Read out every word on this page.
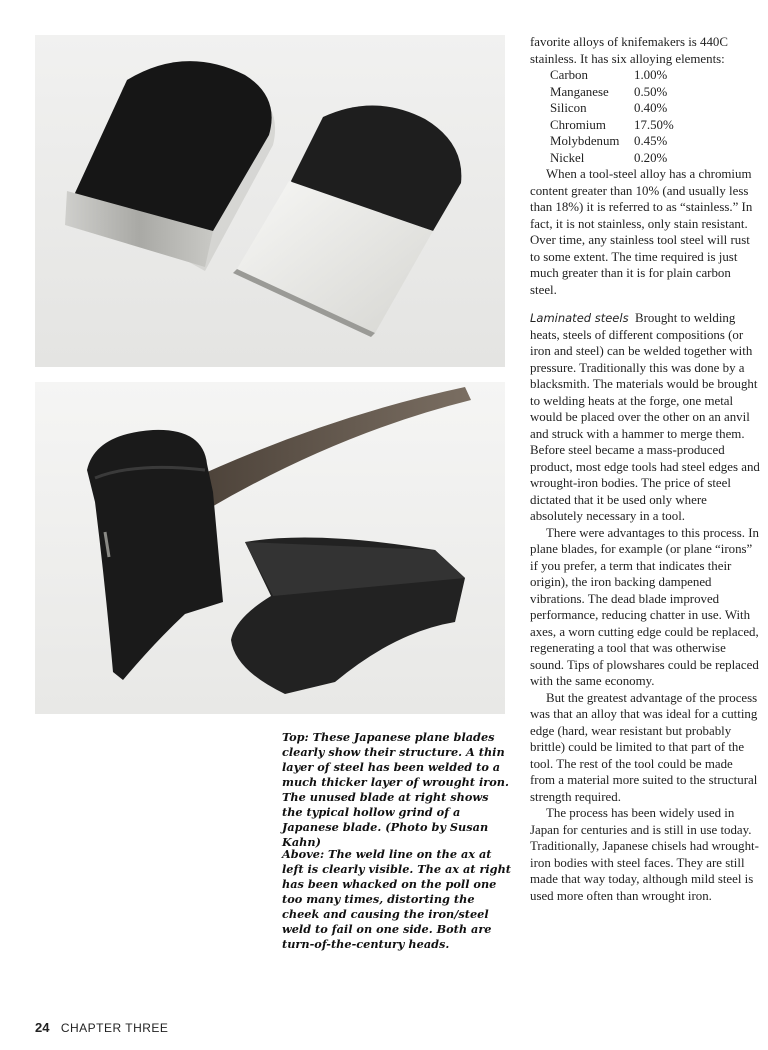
Top: These Japanese plane blades clearly show their structure. A thin layer of steel has been welded to a much thicker layer of wrought iron. The unused blade at right shows the typical hollow grind of a Japanese blade. (Photo by Susan Kahn)
Above: The weld line on the ax at left is clearly visible. The ax at right has been whacked on the poll one too many times, distorting the cheek and causing the iron/steel weld to fail on one side. Both are turn-of-the-century heads.

favorite alloys of knifemakers is 440C stainless. It has six alloying elements:

Carbon	1.00%
Manganese	0.50%
Silicon	0.40%
Chromium	17.50%
Molybdenum	0.45%
Nickel	0.20%

When a tool-steel alloy has a chromium content greater than 10% (and usually less than 18%) it is referred to as “stainless.” In fact, it is not stainless, only stain resistant. Over time, any stainless tool steel will rust to some extent. The time required is just much greater than it is for plain carbon steel.

Laminated steels Brought to welding heats, steels of different compositions (or iron and steel) can be welded together with pressure. Traditionally this was done by a blacksmith. The materials would be brought to welding heats at the forge, one metal would be placed over the other on an anvil and struck with a hammer to merge them. Before steel became a mass-produced product, most edge tools had steel edges and wrought-iron bodies. The price of steel dictated that it be used only where absolutely necessary in a tool.

There were advantages to this process. In plane blades, for example (or plane “irons” if you prefer, a term that indicates their origin), the iron backing dampened vibrations. The dead blade improved performance, reducing chatter in use. With axes, a worn cutting edge could be replaced, regenerating a tool that was otherwise sound. Tips of plowshares could be replaced with the same economy.

But the greatest advantage of the process was that an alloy that was ideal for a cutting edge (hard, wear resistant but probably brittle) could be limited to that part of the tool. The rest of the tool could be made from a material more suited to the structural strength required.

The process has been widely used in Japan for centuries and is still in use today. Traditionally, Japanese chisels had wrought-iron bodies with steel faces. They are still made that way today, although mild steel is used more often than wrought iron.

24 CHAPTER THREE
